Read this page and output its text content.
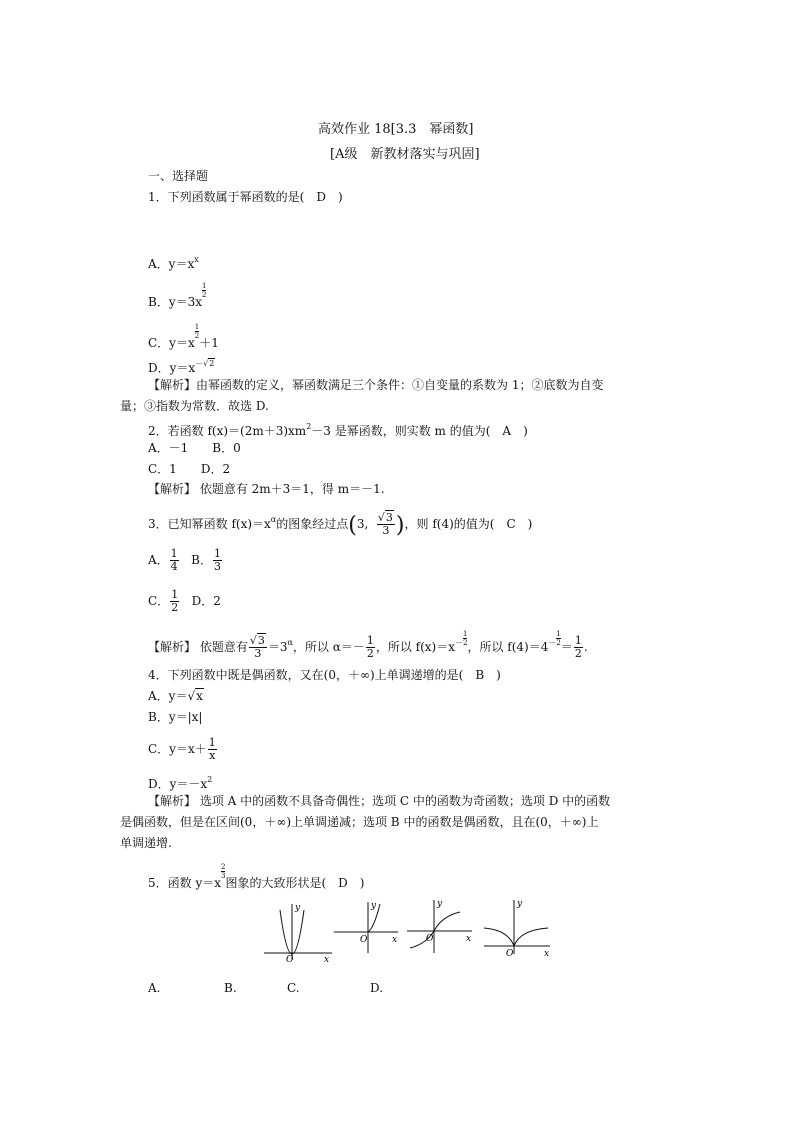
高效作业 18[3.3　幂函数]
[A级　新教材落实与巩固]
一、选择题
1．下列函数属于幂函数的是(　D　)
A．$y=x^x$
B．y＝3x
$\frac{1}{2}$
C．y＝x
$\frac{1}{2}$
＋1
D．$y=x^{-√2}$
【解析】由幂函数的定义，幂函数满足三个条件：①自变量的系数为 1；②底数为自变
量；③指数为常数．故选 D.
2．若函数 $f(x)=(2m+3)xm^2-3$ 是幂函数，则实数 m 的值为(　A　)
A．－1　　B．0
C．1　　D．2
【解析】 依题意有 2m＋3＝1，得 m＝－1.
3．已知幂函数 $f(x)=x^\alpha$的图象经过点(3, $\frac{√3}{3}$ )，则 f(4)的值为(　C　)
A． $\frac{1}{4}$ B． $\frac{1}{3}$
C． $\frac{1}{2}$ D．2
【解析】 依题意有 $\frac{√3}{3} =3^\alpha$，所以 $\alpha=- \frac{1}{2}$ ，所以 $f(x)=x^{- \frac{1}{2}}$ ，所以 $f(4)=4^{- \frac{1}{2}} = \frac{1}{2}$ .
4．下列函数中既是偶函数，又在(0，＋∞)上单调递增的是(　B　)
A．y＝√x
B．y＝|x|
C．$y=x+ \frac{1}{x}$
D．$y=-x^2$
【解析】 选项 A 中的函数不具备奇偶性；选项 C 中的函数为奇函数；选项 D 中的函数
是偶函数，但是在区间(0，＋∞)上单调递减；选项 B 中的函数是偶函数，且在(0，＋∞)上
单调递增.
5．函数 y＝x
$\frac{2}{3}$
图象的大致形状是(　D　)
y
x
O
y
x
O
y
x
O
y
x
O
A.	B.	C.	D.
